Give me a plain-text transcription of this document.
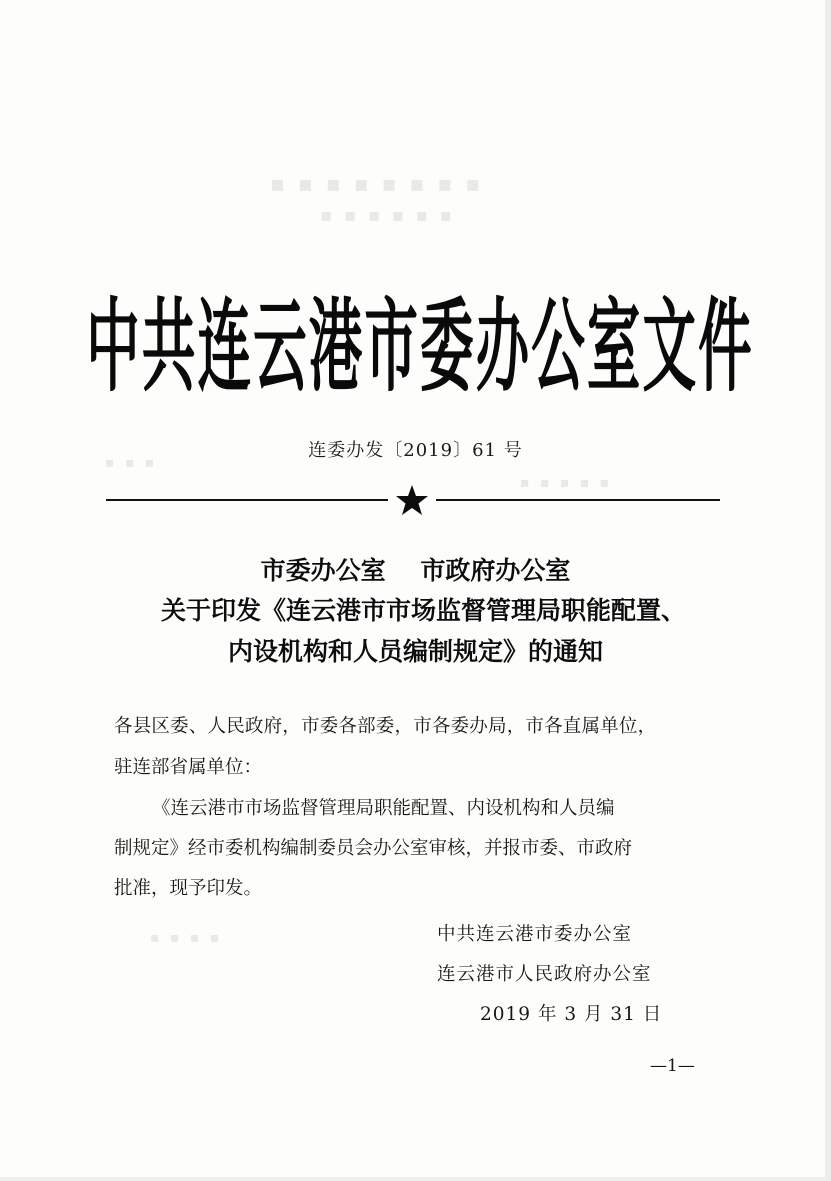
▪ ▪ ▪ ▪ ▪ ▪ ▪ ▪
▪ ▪ ▪ ▪ ▪ ▪
▪ ▪ ▪
▪ ▪ ▪ ▪ ▪
▪ ▪ ▪ ▪
中共连云港市委办公室文件
连委办发〔2019〕61 号
市委办公室    市政府办公室
关于印发《连云港市市场监督管理局职能配置、
内设机构和人员编制规定》的通知
各县区委、人民政府，市委各部委，市各委办局，市各直属单位，
驻连部省属单位：
《连云港市市场监督管理局职能配置、内设机构和人员编
制规定》经市委机构编制委员会办公室审核，并报市委、市政府
批准，现予印发。
中共连云港市委办公室
连云港市人民政府办公室
2019 年 3 月 31 日
—1—
